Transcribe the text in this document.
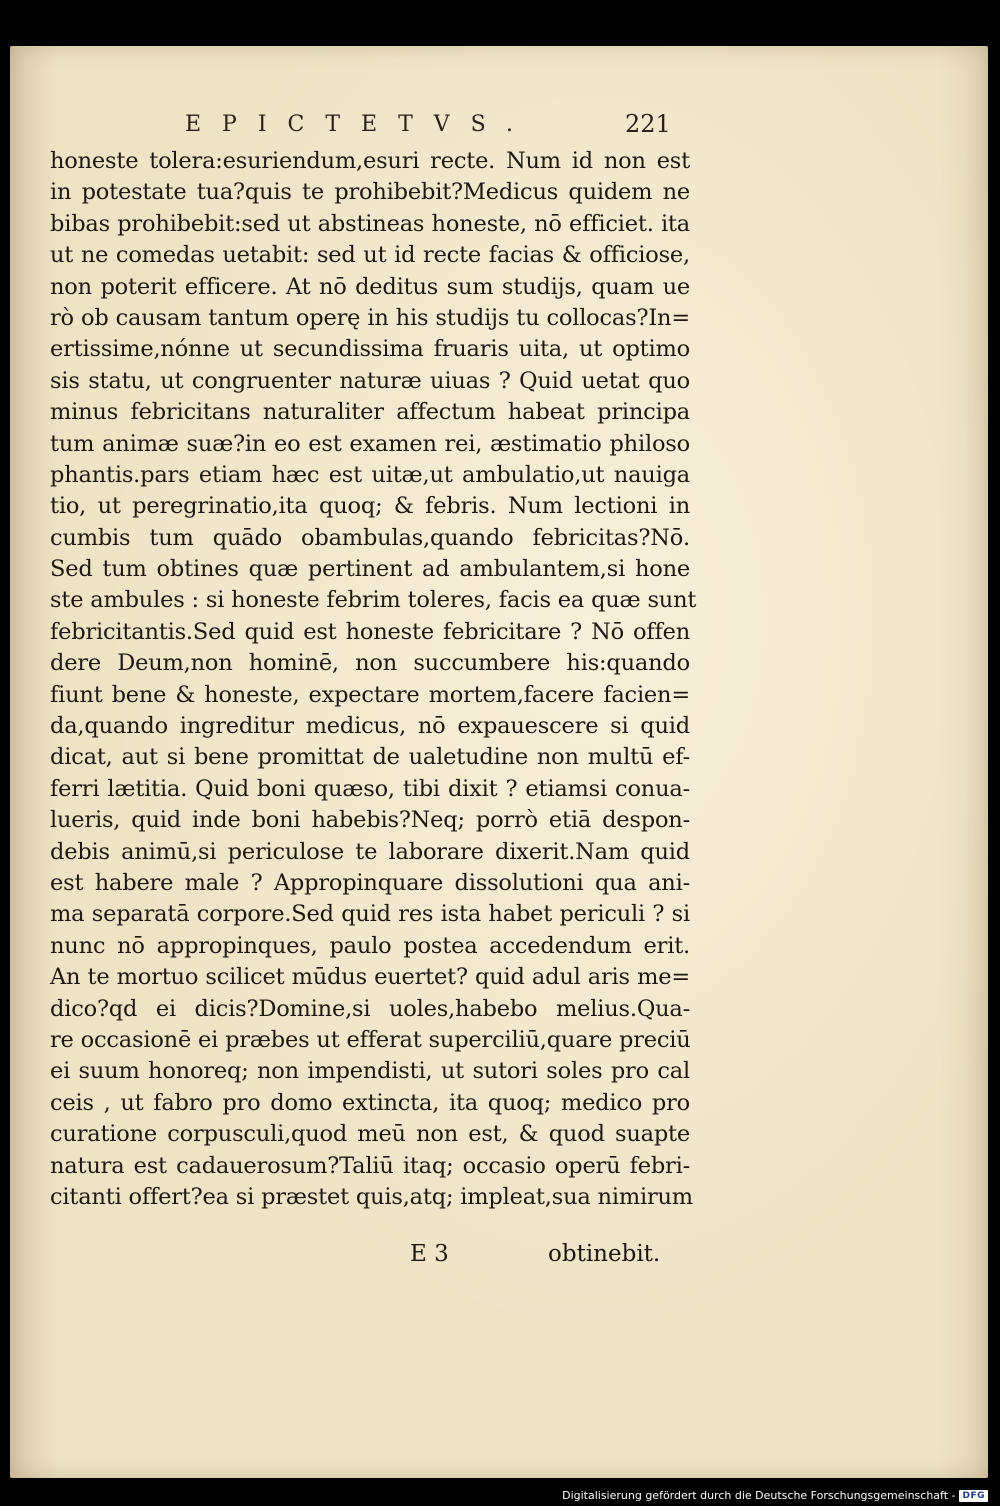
EPICTETVS.	221
honeste tolera:esuriendum,esuri recte. Num id non est
in potestate tua?quis te prohibebit?Medicus quidem ne
bibas prohibebit:sed ut abstineas honeste, nō efficiet. ita
ut ne comedas uetabit: sed ut id recte facias & officiose,
non poterit efficere. At nō deditus sum studijs, quam ue
rò ob causam tantum operę in his studijs tu collocas?In=
ertissime,nónne ut secundissima fruaris uita, ut optimo
sis statu, ut congruenter naturæ uiuas ? Quid uetat quo
minus febricitans naturaliter affectum habeat principa
tum animæ suæ?in eo est examen rei, æstimatio philoso
phantis.pars etiam hæc est uitæ,ut ambulatio,ut nauiga
tio, ut peregrinatio,ita quoq; & febris. Num lectioni in
cumbis tum quādo obambulas,quando febricitas?Nō.
Sed tum obtines quæ pertinent ad ambulantem,si hone
ste ambules : si honeste febrim toleres, facis ea quæ sunt
febricitantis.Sed quid est honeste febricitare ? Nō offen
dere Deum,non hominē, non succumbere his:quando
fiunt bene & honeste, expectare mortem,facere facien=
da,quando ingreditur medicus, nō expauescere si quid
dicat, aut si bene promittat de ualetudine non multū ef-
ferri lætitia. Quid boni quæso, tibi dixit ? etiamsi conua-
lueris, quid inde boni habebis?Neq; porrò etiā despon-
debis animū,si periculose te laborare dixerit.Nam quid
est habere male ? Appropinquare dissolutioni qua ani-
ma separatā corpore.Sed quid res ista habet periculi ? si
nunc nō appropinques, paulo postea accedendum erit.
An te mortuo scilicet mūdus euertet? quid adul aris me=
dico?qd ei dicis?Domine,si uoles,habebo melius.Qua-
re occasionē ei præbes ut efferat superciliū,quare preciū
ei suum honoreq; non impendisti, ut sutori soles pro cal
ceis , ut fabro pro domo extincta, ita quoq; medico pro
curatione corpusculi,quod meū non est, & quod suapte
natura est cadauerosum?Taliū itaq; occasio operū febri-
citanti offert?ea si præstet quis,atq; impleat,sua nimirum
E 3	obtinebit.
Digitalisierung gefördert durch die Deutsche Forschungsgemeinschaft - DFG
